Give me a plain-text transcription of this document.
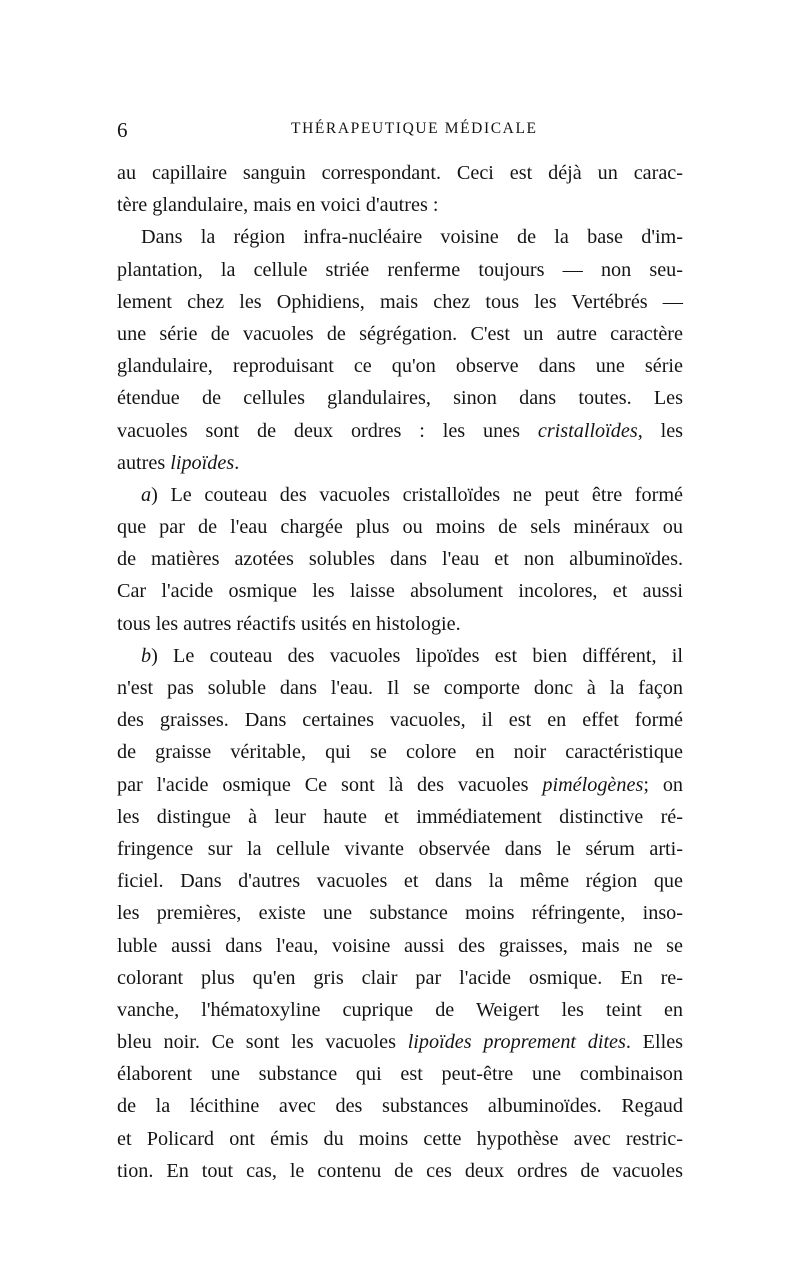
6	THÉRAPEUTIQUE MÉDICALE
au capillaire sanguin correspondant. Ceci est déjà un carac-
tère glandulaire, mais en voici d'autres :
Dans la région infra-nucléaire voisine de la base d'im-
plantation, la cellule striée renferme toujours — non seu-
lement chez les Ophidiens, mais chez tous les Vertébrés —
une série de vacuoles de ségrégation. C'est un autre caractère
glandulaire, reproduisant ce qu'on observe dans une série
étendue de cellules glandulaires, sinon dans toutes. Les
vacuoles sont de deux ordres : les unes cristalloïdes, les
autres lipoïdes.
a) Le couteau des vacuoles cristalloïdes ne peut être formé
que par de l'eau chargée plus ou moins de sels minéraux ou
de matières azotées solubles dans l'eau et non albuminoïdes.
Car l'acide osmique les laisse absolument incolores, et aussi
tous les autres réactifs usités en histologie.
b) Le couteau des vacuoles lipoïdes est bien différent, il
n'est pas soluble dans l'eau. Il se comporte donc à la façon
des graisses. Dans certaines vacuoles, il est en effet formé
de graisse véritable, qui se colore en noir caractéristique
par l'acide osmique Ce sont là des vacuoles pimélogènes; on
les distingue à leur haute et immédiatement distinctive ré-
fringence sur la cellule vivante observée dans le sérum arti-
ficiel. Dans d'autres vacuoles et dans la même région que
les premières, existe une substance moins réfringente, inso-
luble aussi dans l'eau, voisine aussi des graisses, mais ne se
colorant plus qu'en gris clair par l'acide osmique. En re-
vanche, l'hématoxyline cuprique de Weigert les teint en
bleu noir. Ce sont les vacuoles lipoïdes proprement dites. Elles
élaborent une substance qui est peut-être une combinaison
de la lécithine avec des substances albuminoïdes. Regaud
et Policard ont émis du moins cette hypothèse avec restric-
tion. En tout cas, le contenu de ces deux ordres de vacuoles
